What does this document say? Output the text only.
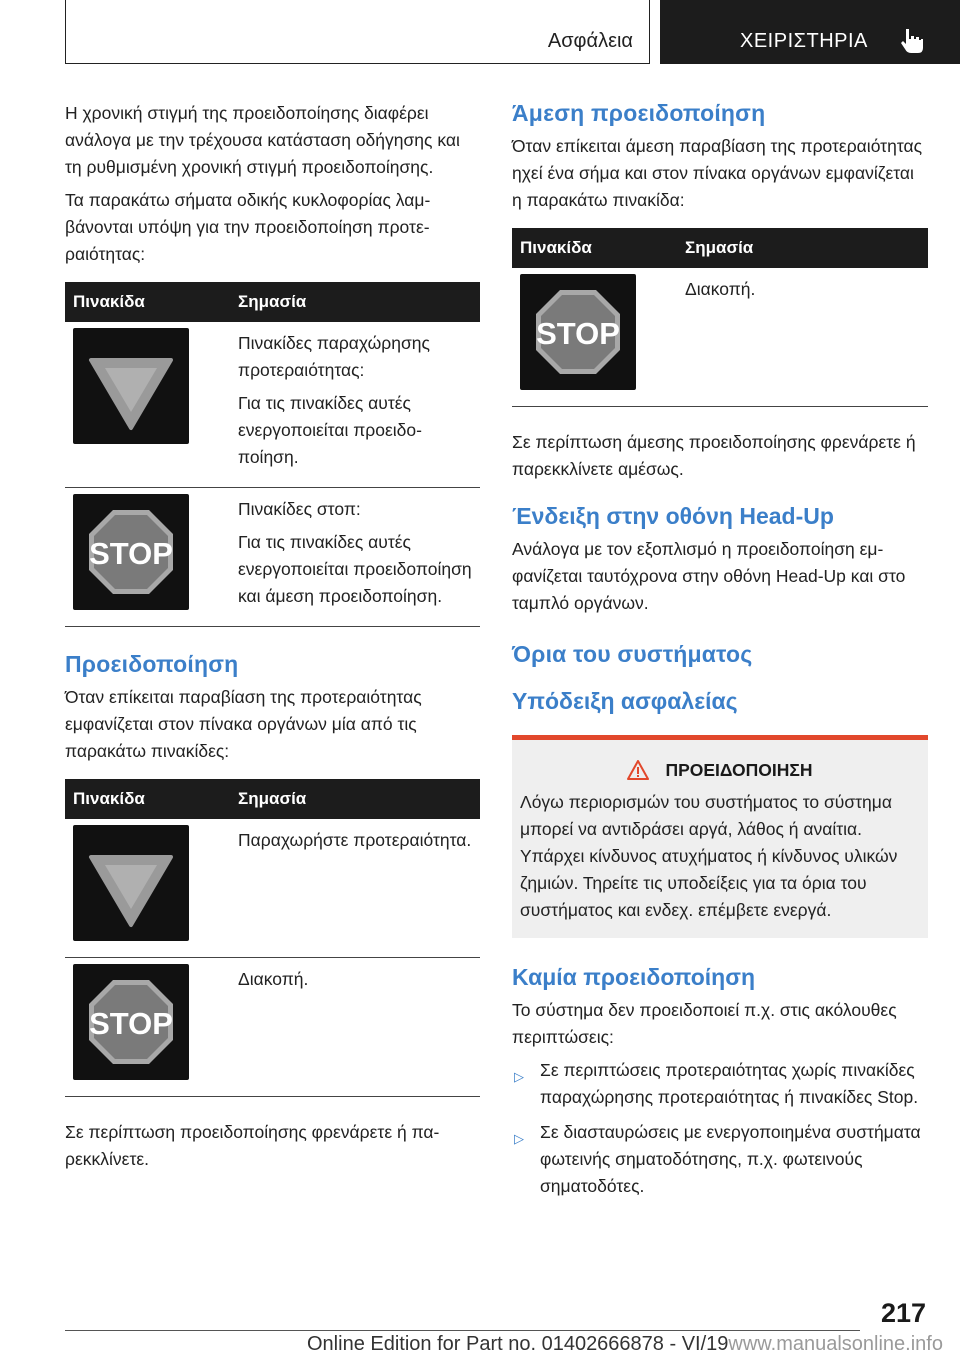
Ασφάλεια	ΧΕΙΡΙΣΤΗΡΙΑ

Η χρονική στιγμή της προειδοποίησης διαφέρει ανάλογα με την τρέχουσα κατάσταση οδήγησης και τη ρυθμισμένη χρονική στιγμή προειδοποίησης.

Τα παρακάτω σήματα οδικής κυκλοφορίας λαμβάνονται υπόψη για την προειδοποίηση προτεραιότητας:

Πινακίδα	Σημασία

Πινακίδες παραχώρησης προτεραιότητας:

Για τις πινακίδες αυτές ενεργοποιείται προειδοποίηση.

STOP	Πινακίδες στοπ:

Για τις πινακίδες αυτές ενεργοποιείται προειδοποίηση και άμεση προειδοποίηση.

Προειδοποίηση

Όταν επίκειται παραβίαση της προτεραιότητας εμφανίζεται στον πίνακα οργάνων μία από τις παρακάτω πινακίδες:

Πινακίδα	Σημασία

Παραχωρήστε προτεραιότητα.

STOP	Διακοπή.

Σε περίπτωση προειδοποίησης φρενάρετε ή παρεκκλίνετε.

Άμεση προειδοποίηση

Όταν επίκειται άμεση παραβίαση της προτεραιότητας ηχεί ένα σήμα και στον πίνακα οργάνων εμφανίζεται η παρακάτω πινακίδα:

Πινακίδα	Σημασία

STOP	Διακοπή.

Σε περίπτωση άμεσης προειδοποίησης φρενάρετε ή παρεκκλίνετε αμέσως.

Ένδειξη στην οθόνη Head-Up

Ανάλογα με τον εξοπλισμό η προειδοποίηση εμφανίζεται ταυτόχρονα στην οθόνη Head-Up και στο ταμπλό οργάνων.

Όρια του συστήματος
Υπόδειξη ασφαλείας
ΠΡΟΕΙΔΟΠΟΙΗΣΗ

Λόγω περιορισμών του συστήματος το σύστημα μπορεί να αντιδράσει αργά, λάθος ή αναίτια. Υπάρχει κίνδυνος ατυχήματος ή κίνδυνος υλικών ζημιών. Τηρείτε τις υποδείξεις για τα όρια του συστήματος και ενδεχ. επέμβετε ενεργά.

Καμία προειδοποίηση

Το σύστημα δεν προειδοποιεί π.χ. στις ακόλουθες περιπτώσεις:

▷ Σε περιπτώσεις προτεραιότητας χωρίς πινακίδες παραχώρησης προτεραιότητας ή πινακίδες Stop.
▷ Σε διασταυρώσεις με ενεργοποιημένα συστήματα φωτεινής σηματοδότησης, π.χ. φωτεινούς σηματοδότες.
217
Online Edition for Part no. 01402666878 - VI/19www.manualsonline.info
